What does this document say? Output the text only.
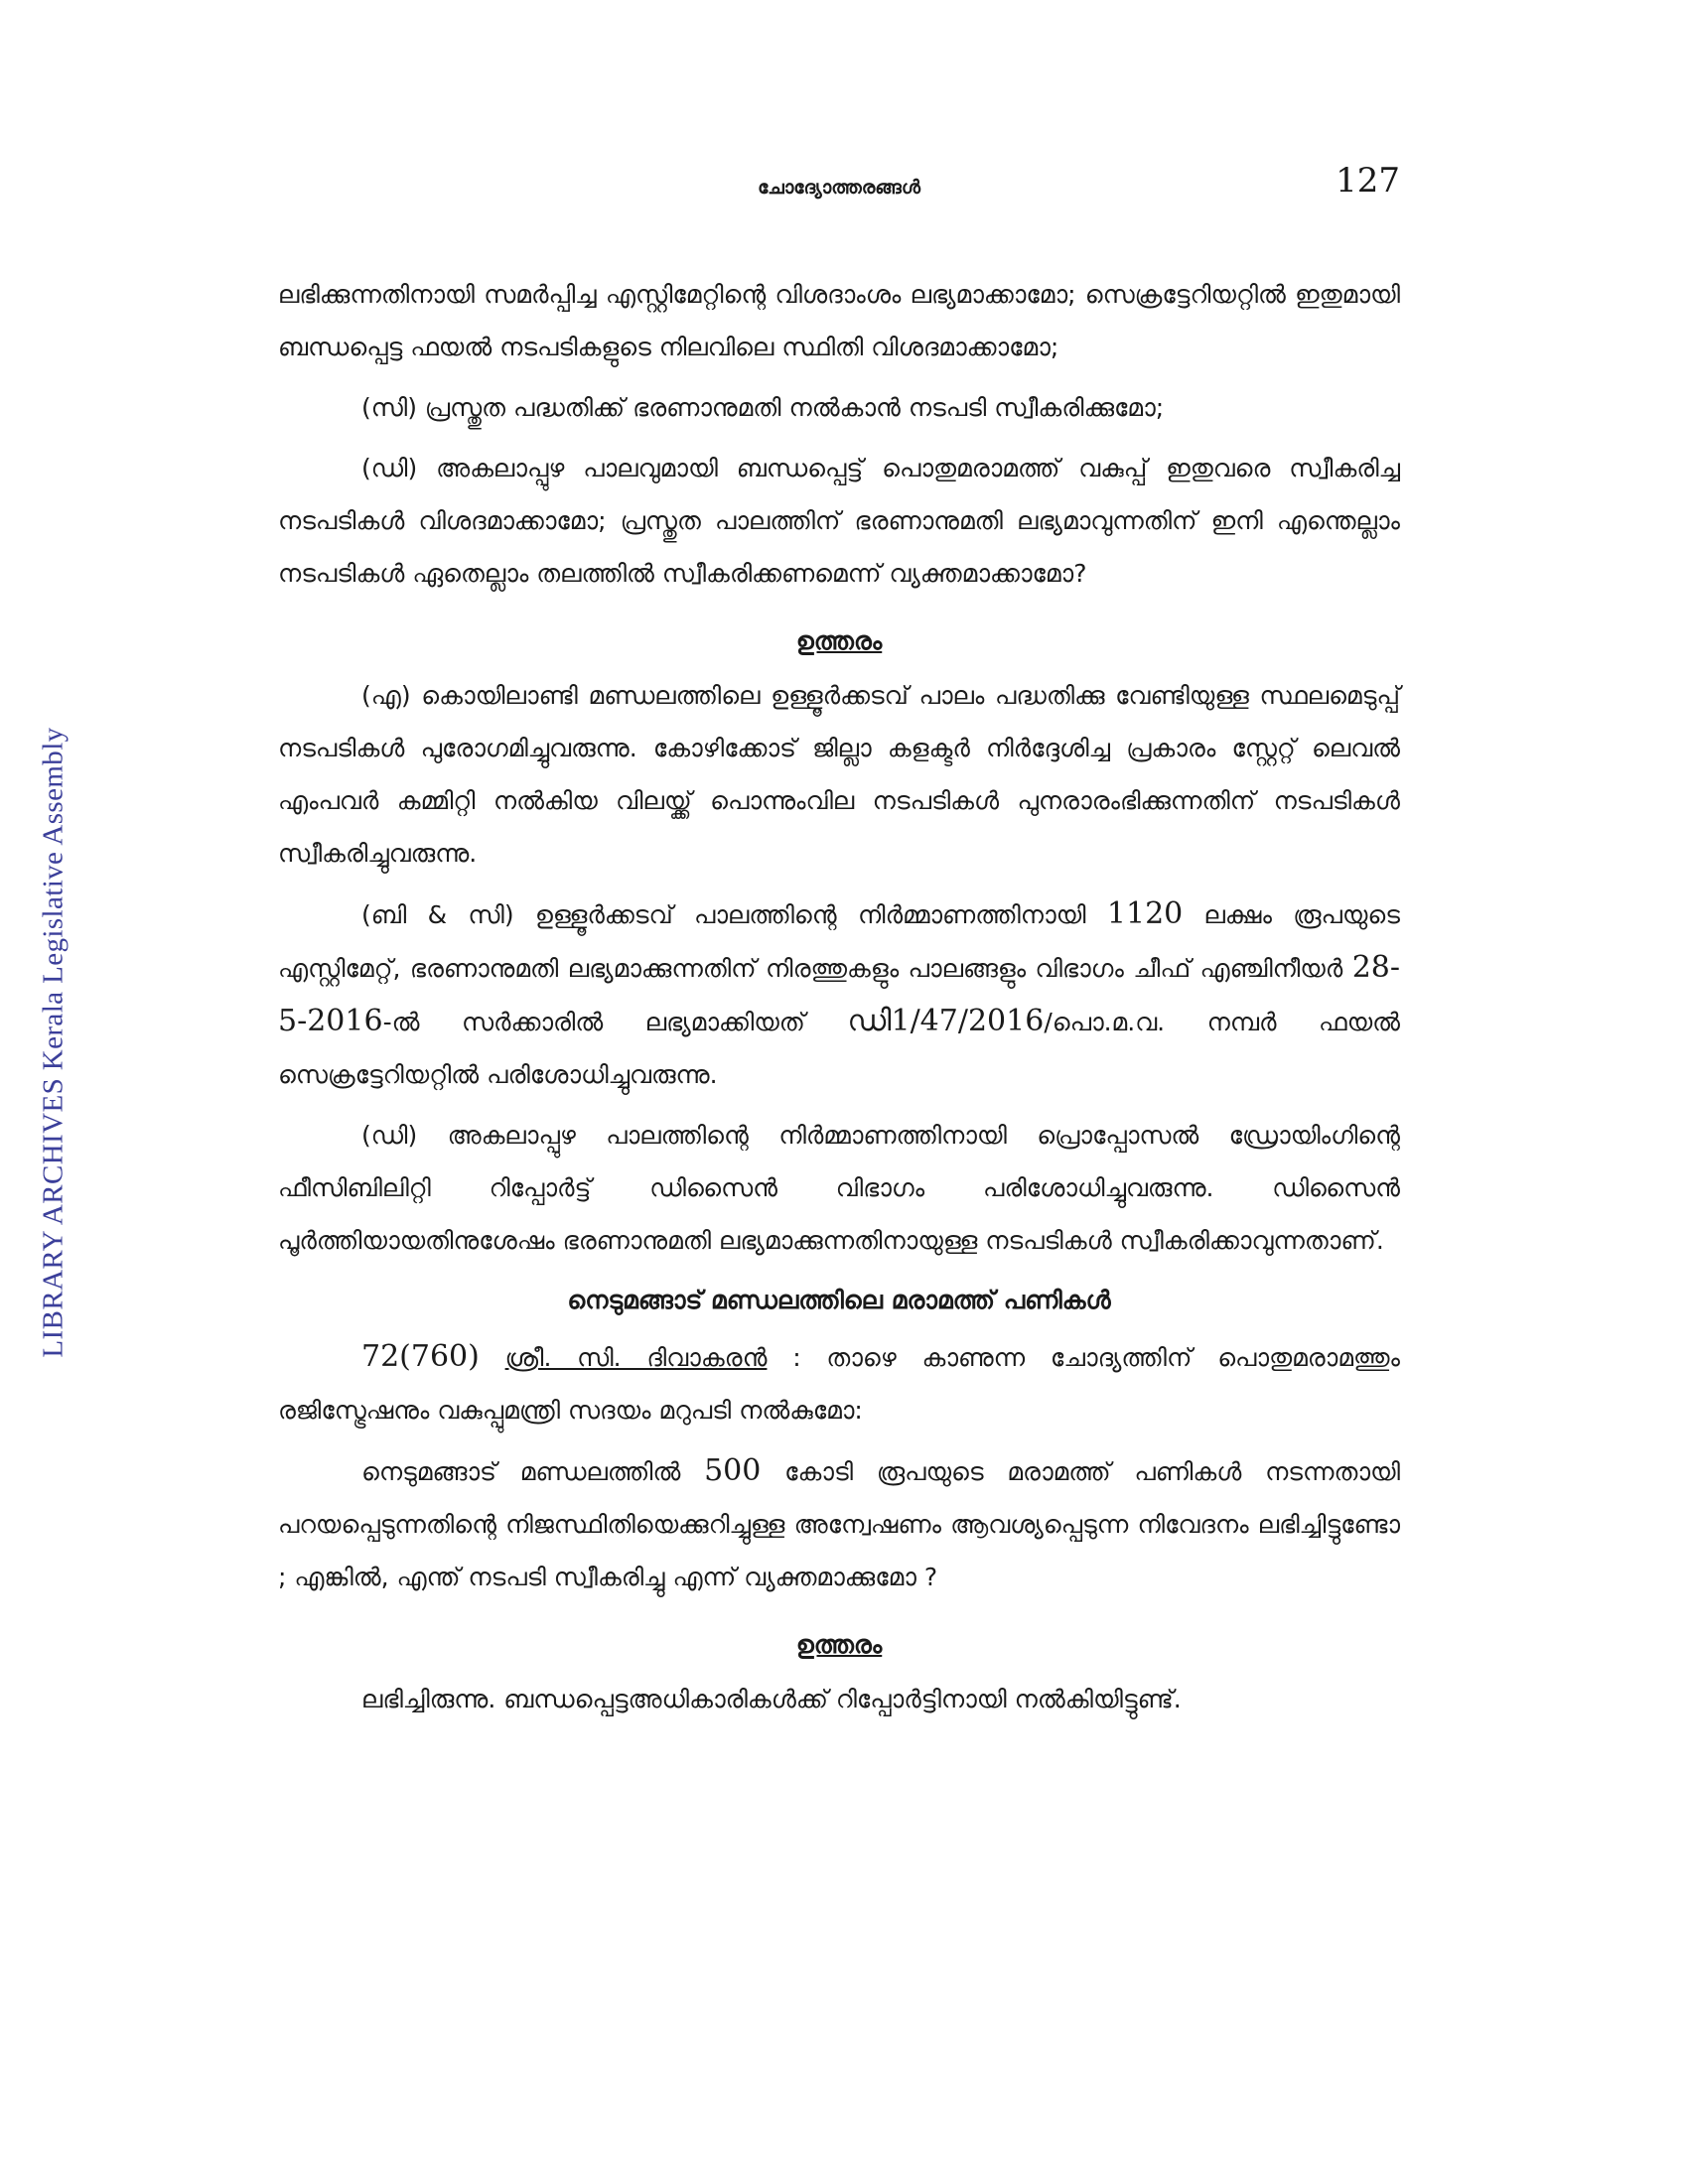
ചോദ്യോത്തരങ്ങൾ	127
LIBRARY ARCHIVES Kerala Legislative Assembly

ലഭിക്കുന്നതിനായി സമർപ്പിച്ച എസ്റ്റിമേറ്റിന്റെ വിശദാംശം ലഭ്യമാക്കാമോ; സെക്രട്ടേറിയറ്റിൽ ഇതുമായി ബന്ധപ്പെട്ട ഫയൽ നടപടികളുടെ നിലവിലെ സ്ഥിതി വിശദമാക്കാമോ;

(സി) പ്രസ്തുത പദ്ധതിക്ക് ഭരണാനുമതി നൽകാൻ നടപടി സ്വീകരിക്കുമോ;

(ഡി) അകലാപ്പുഴ പാലവുമായി ബന്ധപ്പെട്ട് പൊതുമരാമത്ത് വകുപ്പ് ഇതുവരെ സ്വീകരിച്ച നടപടികൾ വിശദമാക്കാമോ; പ്രസ്തുത പാലത്തിന് ഭരണാനുമതി ലഭ്യമാവുന്നതിന് ഇനി എന്തെല്ലാം നടപടികൾ ഏതെല്ലാം തലത്തിൽ സ്വീകരിക്കണമെന്ന് വ്യക്തമാക്കാമോ?

ഉത്തരം

(എ) കൊയിലാണ്ടി മണ്ഡലത്തിലെ ഉള്ളൂർക്കടവ് പാലം പദ്ധതിക്കു വേണ്ടിയുള്ള സ്ഥലമെടുപ്പ് നടപടികൾ പുരോഗമിച്ചുവരുന്നു. കോഴിക്കോട് ജില്ലാ കളക്ടർ നിർദ്ദേശിച്ച പ്രകാരം സ്റ്റേറ്റ് ലെവൽ എംപവർ കമ്മിറ്റി നൽകിയ വിലയ്ക്ക് പൊന്നുംവില നടപടികൾ പുനരാരംഭിക്കുന്നതിന് നടപടികൾ സ്വീകരിച്ചുവരുന്നു.

(ബി & സി) ഉള്ളൂർക്കടവ് പാലത്തിന്റെ നിർമ്മാണത്തിനായി 1120 ലക്ഷം രൂപയുടെ എസ്റ്റിമേറ്റ്, ഭരണാനുമതി ലഭ്യമാക്കുന്നതിന് നിരത്തുകളും പാലങ്ങളും വിഭാഗം ചീഫ് എഞ്ചിനീയർ 28-5-2016-ൽ സർക്കാരിൽ ലഭ്യമാക്കിയത് ഡി1/47/2016/പൊ.മ.വ. നമ്പർ ഫയൽ സെക്രട്ടേറിയറ്റിൽ പരിശോധിച്ചുവരുന്നു.

(ഡി) അകലാപ്പുഴ പാലത്തിന്റെ നിർമ്മാണത്തിനായി പ്രൊപ്പോസൽ ഡ്രോയിംഗിന്റെ ഫീസിബിലിറ്റി റിപ്പോർട്ട് ഡിസൈൻ വിഭാഗം പരിശോധിച്ചുവരുന്നു. ഡിസൈൻ പൂർത്തിയായതിനുശേഷം ഭരണാനുമതി ലഭ്യമാക്കുന്നതിനായുള്ള നടപടികൾ സ്വീകരിക്കാവുന്നതാണ്.

നെടുമങ്ങാട് മണ്ഡലത്തിലെ മരാമത്ത് പണികൾ

72(760) ശ്രീ. സി. ദിവാകരൻ : താഴെ കാണുന്ന ചോദ്യത്തിന് പൊതുമരാമത്തും രജിസ്ട്രേഷനും വകുപ്പുമന്ത്രി സദയം മറുപടി നൽകുമോ:

നെടുമങ്ങാട് മണ്ഡലത്തിൽ 500 കോടി രൂപയുടെ മരാമത്ത് പണികൾ നടന്നതായി പറയപ്പെടുന്നതിന്റെ നിജസ്ഥിതിയെക്കുറിച്ചുള്ള അന്വേഷണം ആവശ്യപ്പെടുന്ന നിവേദനം ലഭിച്ചിട്ടുണ്ടോ ; എങ്കിൽ, എന്ത് നടപടി സ്വീകരിച്ചു എന്ന് വ്യക്തമാക്കുമോ ?

ഉത്തരം

ലഭിച്ചിരുന്നു. ബന്ധപ്പെട്ടഅധികാരികൾക്ക് റിപ്പോർട്ടിനായി നൽകിയിട്ടുണ്ട്.
